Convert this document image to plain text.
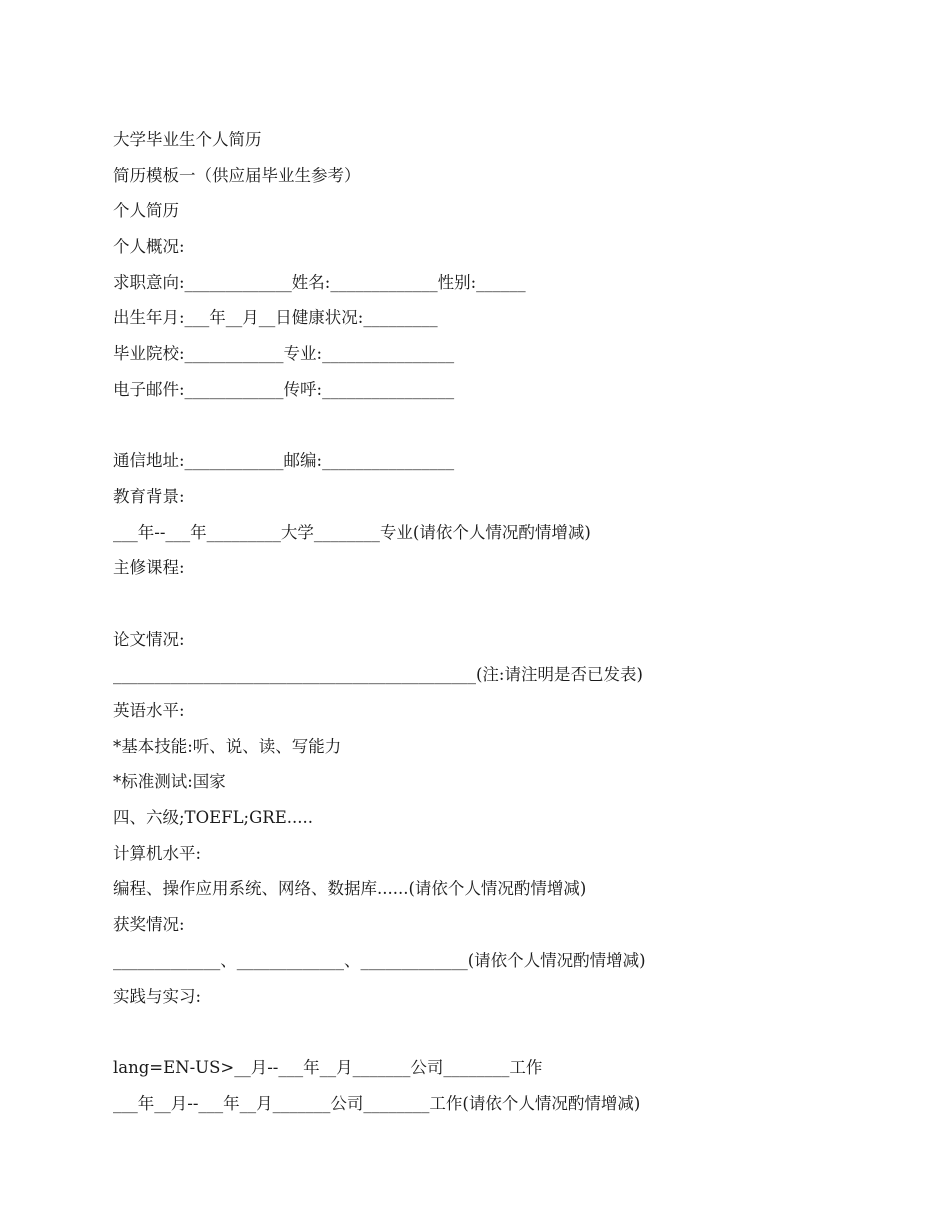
大学毕业生个人简历
简历模板一（供应届毕业生参考）
个人简历
个人概况:
求职意向:_____________姓名:_____________性别:______
出生年月:___年__月__日健康状况:_________
毕业院校:____________专业:________________
电子邮件:____________传呼:________________
通信地址:____________邮编:________________
教育背景:
___年--___年_________大学________专业(请依个人情况酌情增减)
主修课程:
论文情况:
____________________________________________(注:请注明是否已发表)
英语水平:
*基本技能:听、说、读、写能力
*标准测试:国家
四、六级;TOEFL;GRE.....
计算机水平:
编程、操作应用系统、网络、数据库......(请依个人情况酌情增减)
获奖情况:
_____________、_____________、_____________(请依个人情况酌情增减)
实践与实习:
lang=EN-US>__月--___年__月_______公司________工作
___年__月--___年__月_______公司________工作(请依个人情况酌情增减)
